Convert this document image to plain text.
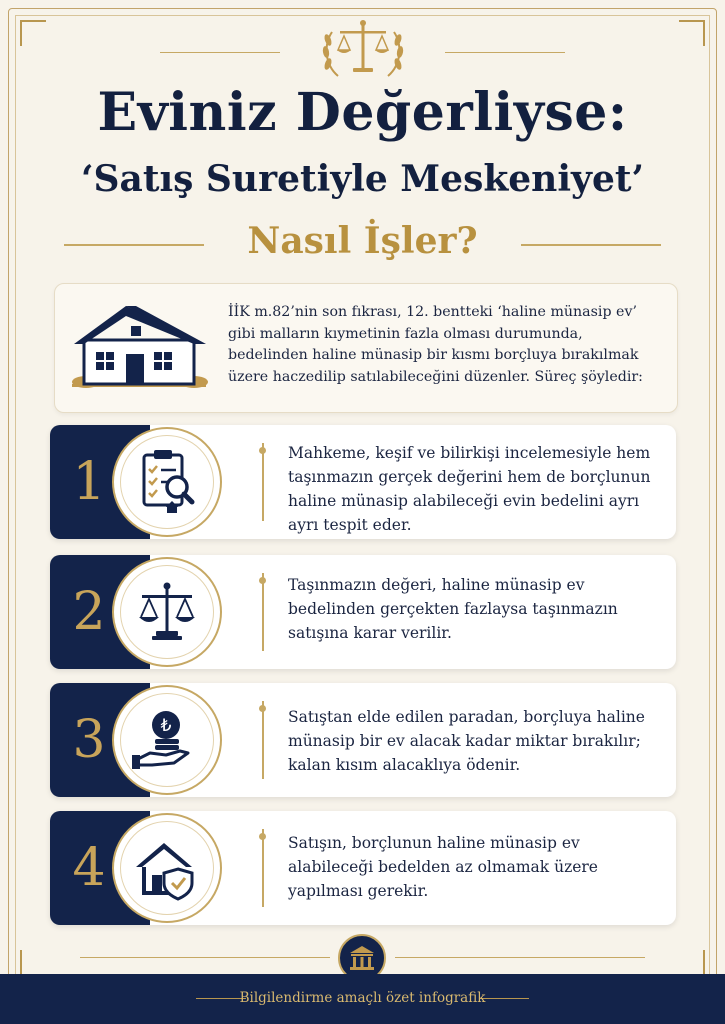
Eviniz Değerliyse:
‘Satış Suretiyle Meskeniyet’
Nasıl İşler?
İİK m.82’nin son fıkrası, 12. bentteki ‘haline münasip ev’ gibi malların kıymetinin fazla olması durumunda, bedelinden haline münasip bir kısmı borçluya bırakılmak üzere haczedilip satılabileceğini düzenler. Süreç şöyledir:
1	Mahkeme, keşif ve bilirkişi incelemesiyle hem taşınmazın gerçek değerini hem de borçlunun haline münasip alabileceği evin bedelini ayrı ayrı tespit eder.
2	Taşınmazın değeri, haline münasip ev bedelinden gerçekten fazlaysa taşınmazın satışına karar verilir.
3	₺	Satıştan elde edilen paradan, borçluya haline münasip bir ev alacak kadar miktar bırakılır; kalan kısım alacaklıya ödenir.
4	Satışın, borçlunun haline münasip ev alabileceği bedelden az olmamak üzere yapılması gerekir.
Bilgilendirme amaçlı özet infografik
